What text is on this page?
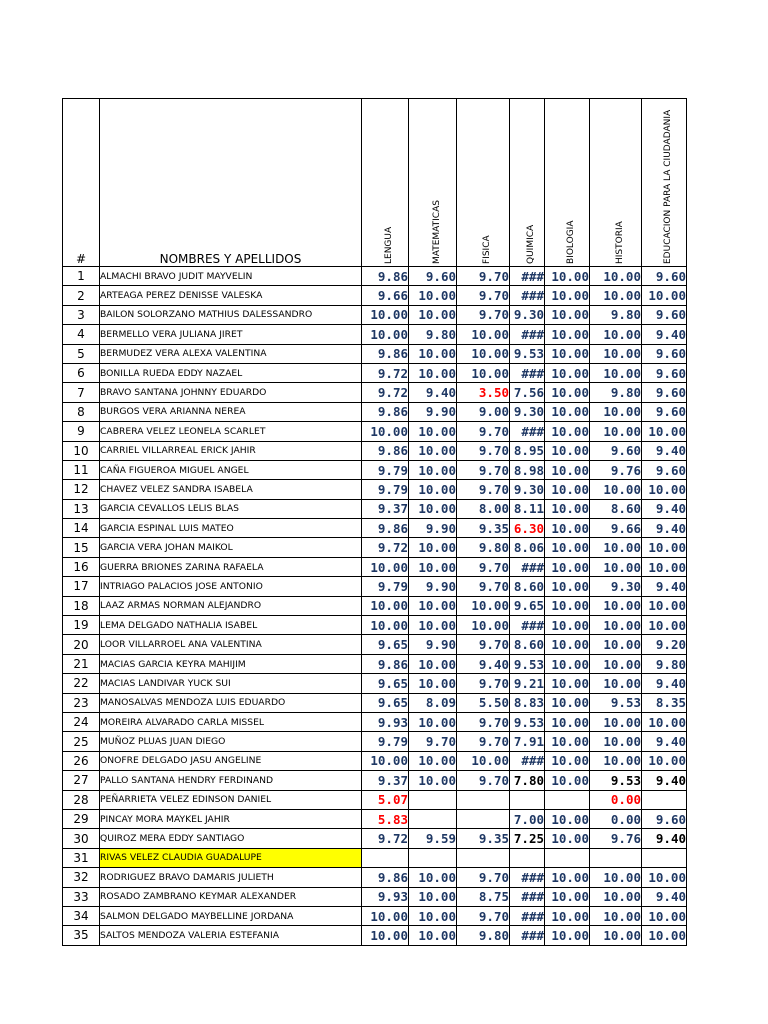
#	NOMBRES Y APELLIDOS	LENGUA	MATEMATICAS	FISICA	QUIMICA	BIOLOGIA	HISTORIA	EDUCACION PARA LA CIUDADANIA

1	ALMACHI BRAVO JUDIT MAYVELIN	9.86	9.60	9.70	###	10.00	10.00	9.60
2	ARTEAGA PEREZ DENISSE VALESKA	9.66	10.00	9.70	###	10.00	10.00	10.00
3	BAILON SOLORZANO MATHIUS DALESSANDRO	10.00	10.00	9.70	9.30	10.00	9.80	9.60
4	BERMELLO VERA JULIANA JIRET	10.00	9.80	10.00	###	10.00	10.00	9.40
5	BERMUDEZ VERA ALEXA VALENTINA	9.86	10.00	10.00	9.53	10.00	10.00	9.60
6	BONILLA RUEDA EDDY NAZAEL	9.72	10.00	10.00	###	10.00	10.00	9.60
7	BRAVO SANTANA JOHNNY EDUARDO	9.72	9.40	3.50	7.56	10.00	9.80	9.60
8	BURGOS VERA ARIANNA NEREA	9.86	9.90	9.00	9.30	10.00	10.00	9.60
9	CABRERA VELEZ LEONELA SCARLET	10.00	10.00	9.70	###	10.00	10.00	10.00
10	CARRIEL VILLARREAL ERICK JAHIR	9.86	10.00	9.70	8.95	10.00	9.60	9.40
11	CAÑA FIGUEROA MIGUEL ANGEL	9.79	10.00	9.70	8.98	10.00	9.76	9.60
12	CHAVEZ VELEZ SANDRA ISABELA	9.79	10.00	9.70	9.30	10.00	10.00	10.00
13	GARCIA CEVALLOS LELIS BLAS	9.37	10.00	8.00	8.11	10.00	8.60	9.40
14	GARCIA ESPINAL LUIS MATEO	9.86	9.90	9.35	6.30	10.00	9.66	9.40
15	GARCIA VERA JOHAN MAIKOL	9.72	10.00	9.80	8.06	10.00	10.00	10.00
16	GUERRA BRIONES ZARINA RAFAELA	10.00	10.00	9.70	###	10.00	10.00	10.00
17	INTRIAGO PALACIOS JOSE ANTONIO	9.79	9.90	9.70	8.60	10.00	9.30	9.40
18	LAAZ ARMAS NORMAN ALEJANDRO	10.00	10.00	10.00	9.65	10.00	10.00	10.00
19	LEMA DELGADO NATHALIA ISABEL	10.00	10.00	10.00	###	10.00	10.00	10.00
20	LOOR VILLARROEL ANA VALENTINA	9.65	9.90	9.70	8.60	10.00	10.00	9.20
21	MACIAS GARCIA KEYRA MAHIJIM	9.86	10.00	9.40	9.53	10.00	10.00	9.80
22	MACIAS LANDIVAR YUCK SUI	9.65	10.00	9.70	9.21	10.00	10.00	9.40
23	MANOSALVAS MENDOZA LUIS EDUARDO	9.65	8.09	5.50	8.83	10.00	9.53	8.35
24	MOREIRA ALVARADO CARLA MISSEL	9.93	10.00	9.70	9.53	10.00	10.00	10.00
25	MUÑOZ PLUAS JUAN DIEGO	9.79	9.70	9.70	7.91	10.00	10.00	9.40
26	ONOFRE DELGADO JASU ANGELINE	10.00	10.00	10.00	###	10.00	10.00	10.00
27	PALLO SANTANA HENDRY FERDINAND	9.37	10.00	9.70	7.80	10.00	9.53	9.40
28	PEÑARRIETA VELEZ EDINSON DANIEL	5.07					0.00	
29	PINCAY MORA MAYKEL JAHIR	5.83			7.00	10.00	0.00	9.60
30	QUIROZ MERA EDDY SANTIAGO	9.72	9.59	9.35	7.25	10.00	9.76	9.40
31	RIVAS VELEZ CLAUDIA GUADALUPE							
32	RODRIGUEZ BRAVO DAMARIS JULIETH	9.86	10.00	9.70	###	10.00	10.00	10.00
33	ROSADO ZAMBRANO KEYMAR ALEXANDER	9.93	10.00	8.75	###	10.00	10.00	9.40
34	SALMON DELGADO MAYBELLINE JORDANA	10.00	10.00	9.70	###	10.00	10.00	10.00
35	SALTOS MENDOZA VALERIA ESTEFANIA	10.00	10.00	9.80	###	10.00	10.00	10.00
